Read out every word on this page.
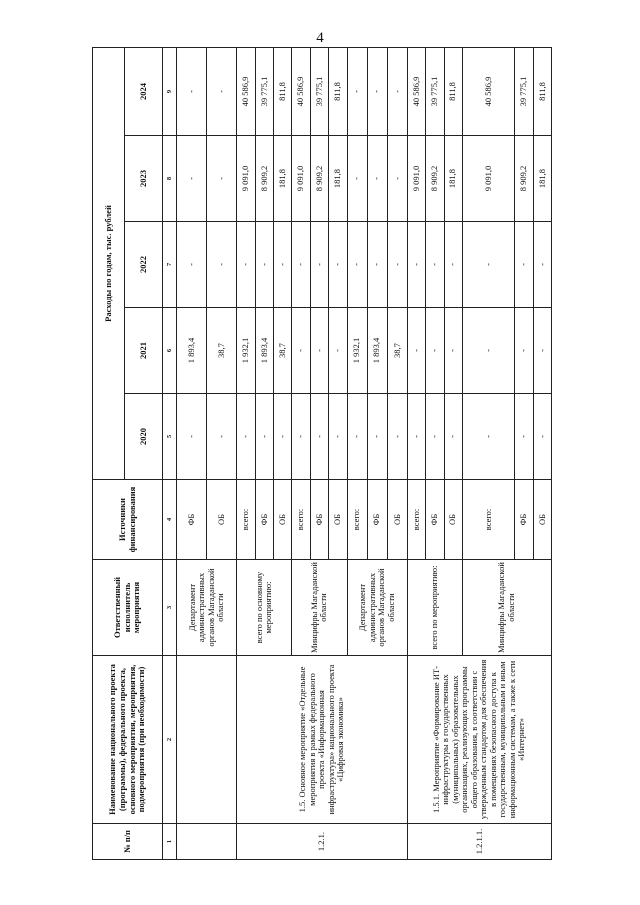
4
№ п/п	Наименование национального проекта (программы), федерального проекта, основного мероприятия, мероприятия, подмероприятия (при необходимости)	Ответственный исполнитель мероприятия	Источники финансирования	Расходы по годам, тыс. рублей				
				2020	2021	2022	2023	2024
1	2	3	4	5	6	7	8	9
		Департамент административных органов Магаданской области	ФБ	-	1 893,4	-	-	-
			ОБ	-	38,7	-	-	-
1.2.1.	1.5. Основное мероприятие «Отдельные мероприятия в рамках федерального проекта «Информационная инфраструктура» национального проекта «Цифровая экономика»	всего по основному мероприятию:	всего:	-	1 932,1	-	9 091,0	40 586,9
			ФБ	-	1 893,4	-	8 909,2	39 775,1
			ОБ	-	38,7	-	181,8	811,8
		Минцифры Магаданской области	всего:	-	-	-	9 091,0	40 586,9
			ФБ	-	-	-	8 909,2	39 775,1
			ОБ	-	-	-	181,8	811,8
		Департамент административных органов Магаданской области	всего:	-	1 932,1	-	-	-
			ФБ	-	1 893,4	-	-	-
			ОБ	-	38,7	-	-	-
1.2.1.1.	1.5.1. Мероприятие «Формирование ИТ-инфраструктуры в государственных (муниципальных) образовательных организациях, реализующих программы общего образования, в соответствии с утвержденным стандартом для обеспечения в помещениях безопасного доступа к государственным, муниципальным и иным информационным системам, а также к сети «Интернет»	всего по мероприятию:	всего:	-	-	-	9 091,0	40 586,9
			ФБ	-	-	-	8 909,2	39 775,1
			ОБ	-	-	-	181,8	811,8
		Минцифры Магаданской области	всего:	-	-	-	9 091,0	40 586,9
			ФБ	-	-	-	8 909,2	39 775,1
			ОБ	-	-	-	181,8	811,8
